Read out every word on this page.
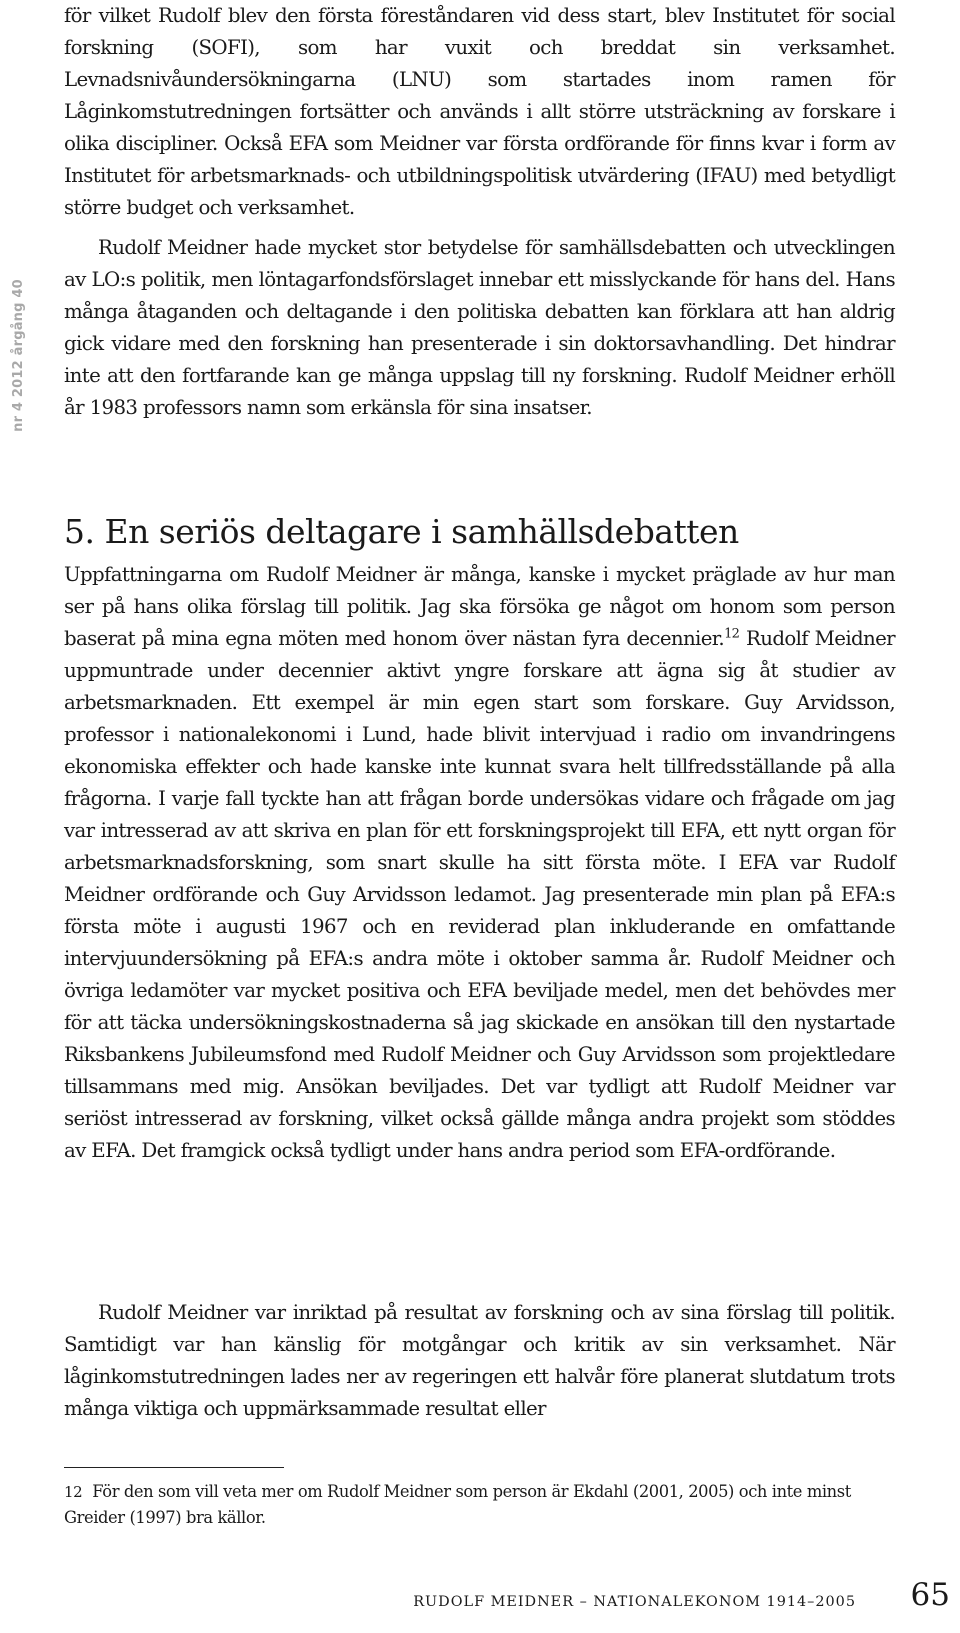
nr 4 2012 årgång 40

för vilket Rudolf blev den första föreståndaren vid dess start, blev Institutet för social forskning (SOFI), som har vuxit och breddat sin verksamhet. Levnadsnivåundersökningarna (LNU) som startades inom ramen för Låginkomstutredningen fortsätter och används i allt större utsträckning av forskare i olika discipliner. Också EFA som Meidner var första ordförande för finns kvar i form av Institutet för arbetsmarknads- och utbildningspolitisk utvärdering (IFAU) med betydligt större budget och verksamhet.

Rudolf Meidner hade mycket stor betydelse för samhällsdebatten och utvecklingen av LO:s politik, men löntagarfondsförslaget innebar ett misslyckande för hans del. Hans många åtaganden och deltagande i den politiska debatten kan förklara att han aldrig gick vidare med den forskning han presenterade i sin doktorsavhandling. Det hindrar inte att den fortfarande kan ge många uppslag till ny forskning. Rudolf Meidner erhöll år 1983 professors namn som erkänsla för sina insatser.

5. En seriös deltagare i samhällsdebatten

Uppfattningarna om Rudolf Meidner är många, kanske i mycket präglade av hur man ser på hans olika förslag till politik. Jag ska försöka ge något om honom som person baserat på mina egna möten med honom över nästan fyra decennier.$^{12}$ Rudolf Meidner uppmuntrade under decennier aktivt yngre forskare att ägna sig åt studier av arbetsmarknaden. Ett exempel är min egen start som forskare. Guy Arvidsson, professor i nationalekonomi i Lund, hade blivit intervjuad i radio om invandringens ekonomiska effekter och hade kanske inte kunnat svara helt tillfredsställande på alla frågorna. I varje fall tyckte han att frågan borde undersökas vidare och frågade om jag var intresserad av att skriva en plan för ett forskningsprojekt till EFA, ett nytt organ för arbetsmarknadsforskning, som snart skulle ha sitt första möte. I EFA var Rudolf Meidner ordförande och Guy Arvidsson ledamot. Jag presenterade min plan på EFA:s första möte i augusti 1967 och en reviderad plan inkluderande en omfattande intervjuundersökning på EFA:s andra möte i oktober samma år. Rudolf Meidner och övriga ledamöter var mycket positiva och EFA beviljade medel, men det behövdes mer för att täcka undersökningskostnaderna så jag skickade en ansökan till den nystartade Riksbankens Jubileumsfond med Rudolf Meidner och Guy Arvidsson som projektledare tillsammans med mig. Ansökan beviljades. Det var tydligt att Rudolf Meidner var seriöst intresserad av forskning, vilket också gällde många andra projekt som stöddes av EFA. Det framgick också tydligt under hans andra period som EFA-ordförande.

Rudolf Meidner var inriktad på resultat av forskning och av sina förslag till politik. Samtidigt var han känslig för motgångar och kritik av sin verksamhet. När låginkomstutredningen lades ner av regeringen ett halvår före planerat slutdatum trots många viktiga och uppmärksammade resultat eller

12 För den som vill veta mer om Rudolf Meidner som person är Ekdahl (2001, 2005) och inte minst Greider (1997) bra källor.

RUDOLF MEIDNER – NATIONALEKONOM 1914–2005 65
